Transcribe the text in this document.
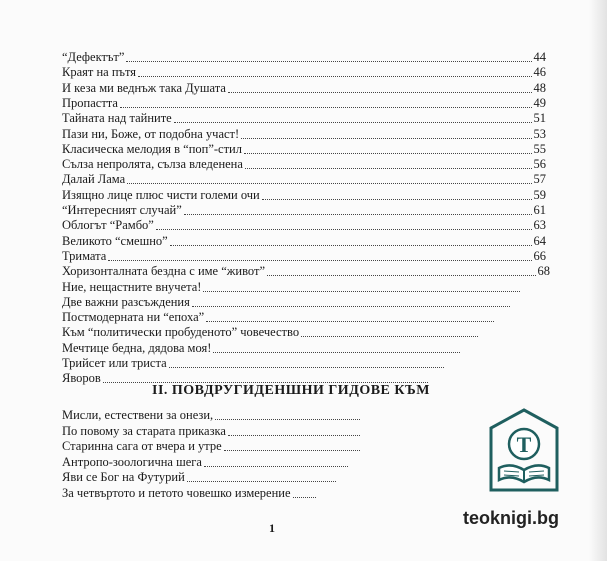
“Дефектът”	44
Краят на пътя	46
И кеза ми веднъж така Душата	48
Пропастта	49
Тайната над тайните	51
Пази ни, Боже, от подобна участ!	53
Класическа мелодия в “поп”-стил	55
Сълза непролята, сълза вледенена	56
Далай Лама	57
Изящно лице плюс чисти големи очи	59
“Интересният случай”	61
Облогът “Рамбо”	63
Великото “смешно”	64
Тримата	66
Хоризонталната бездна с име “живот”	68
Ние, нещастните внучета!
Две важни разсъждения
Постмодерната ни “епоха”
Към “политически пробуденото” човечество
Мечтице бедна, дядова моя!
Трийсет или триста
Яворов
Мисли, естествени за онези,
По повому за старата приказка
Старинна сага от вчера и утре
Антропо-зоологична шега
Яви се Бог на Футурий
За четвъртото и петото човешко измерение
II. ПОВДРУГИДЕНШНИ ГИДОВЕ КЪМ
1
T
teoknigi.bg
